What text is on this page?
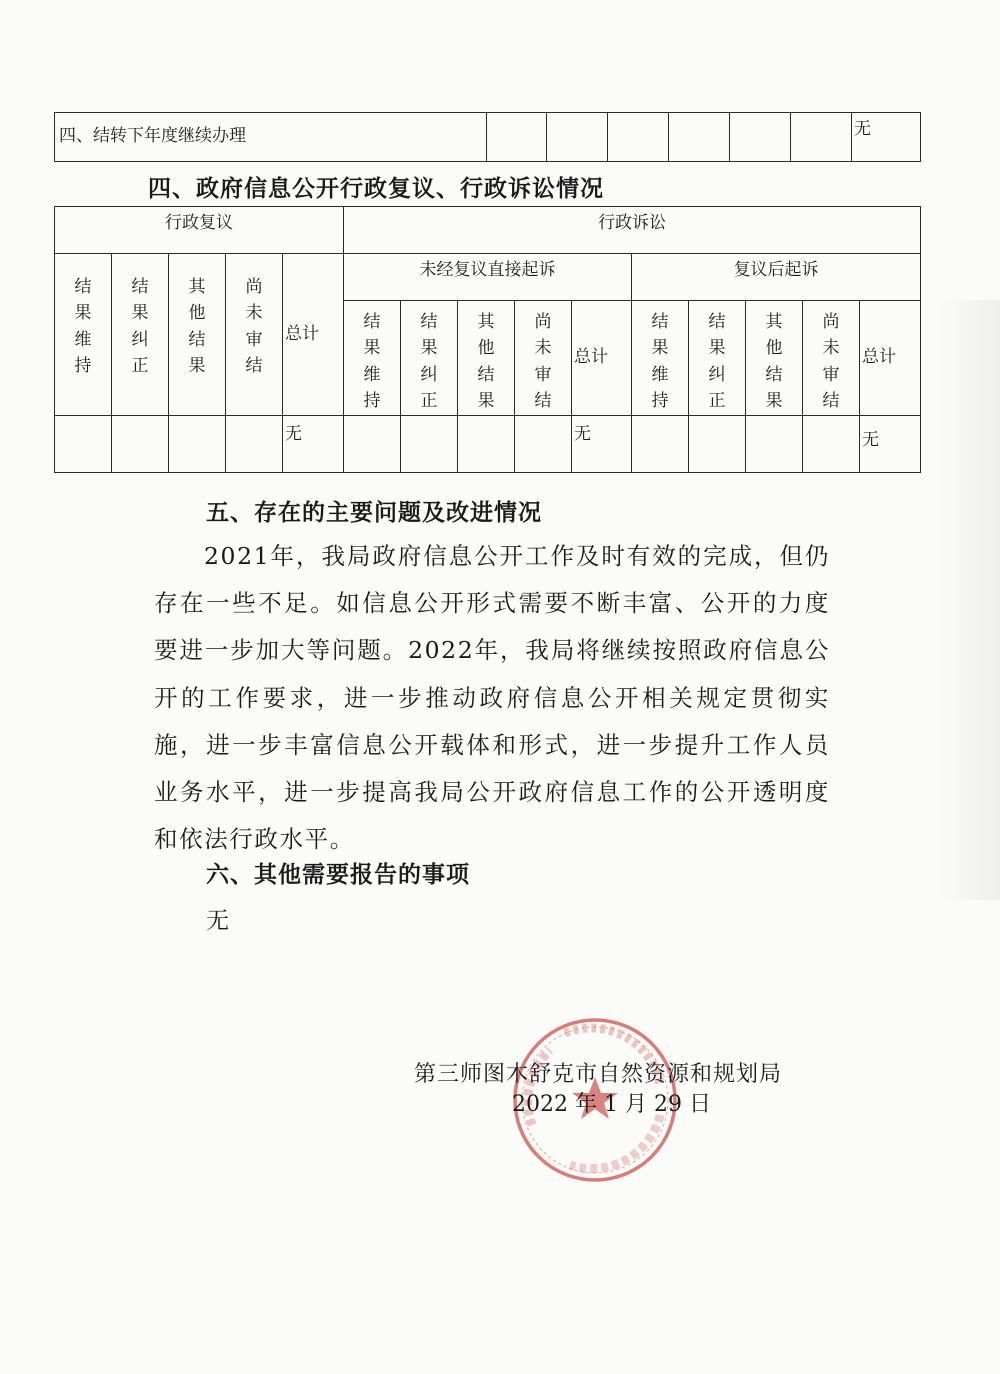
四、结转下年度继续办理							无
四、政府信息公开行政复议、行政诉讼情况
行政复议					行政诉讼									
结果维持	结果纠正	其他结果	尚未审结	总计	未经复议直接起诉					复议后起诉				
					结果维持	结果纠正	其他结果	尚未审结	总计	结果维持	结果纠正	其他结果	尚未审结	总计
				无					无					无
五、存在的主要问题及改进情况

2021年，我局政府信息公开工作及时有效的完成，但仍存在一些不足。如信息公开形式需要不断丰富、公开的力度要进一步加大等问题。2022年，我局将继续按照政府信息公开的工作要求，进一步推动政府信息公开相关规定贯彻实施，进一步丰富信息公开载体和形式，进一步提升工作人员业务水平，进一步提高我局公开政府信息工作的公开透明度和依法行政水平。

六、其他需要报告的事项

无

第三师图木舒克市自然资源和规划局
2022 年 1 月 29 日
